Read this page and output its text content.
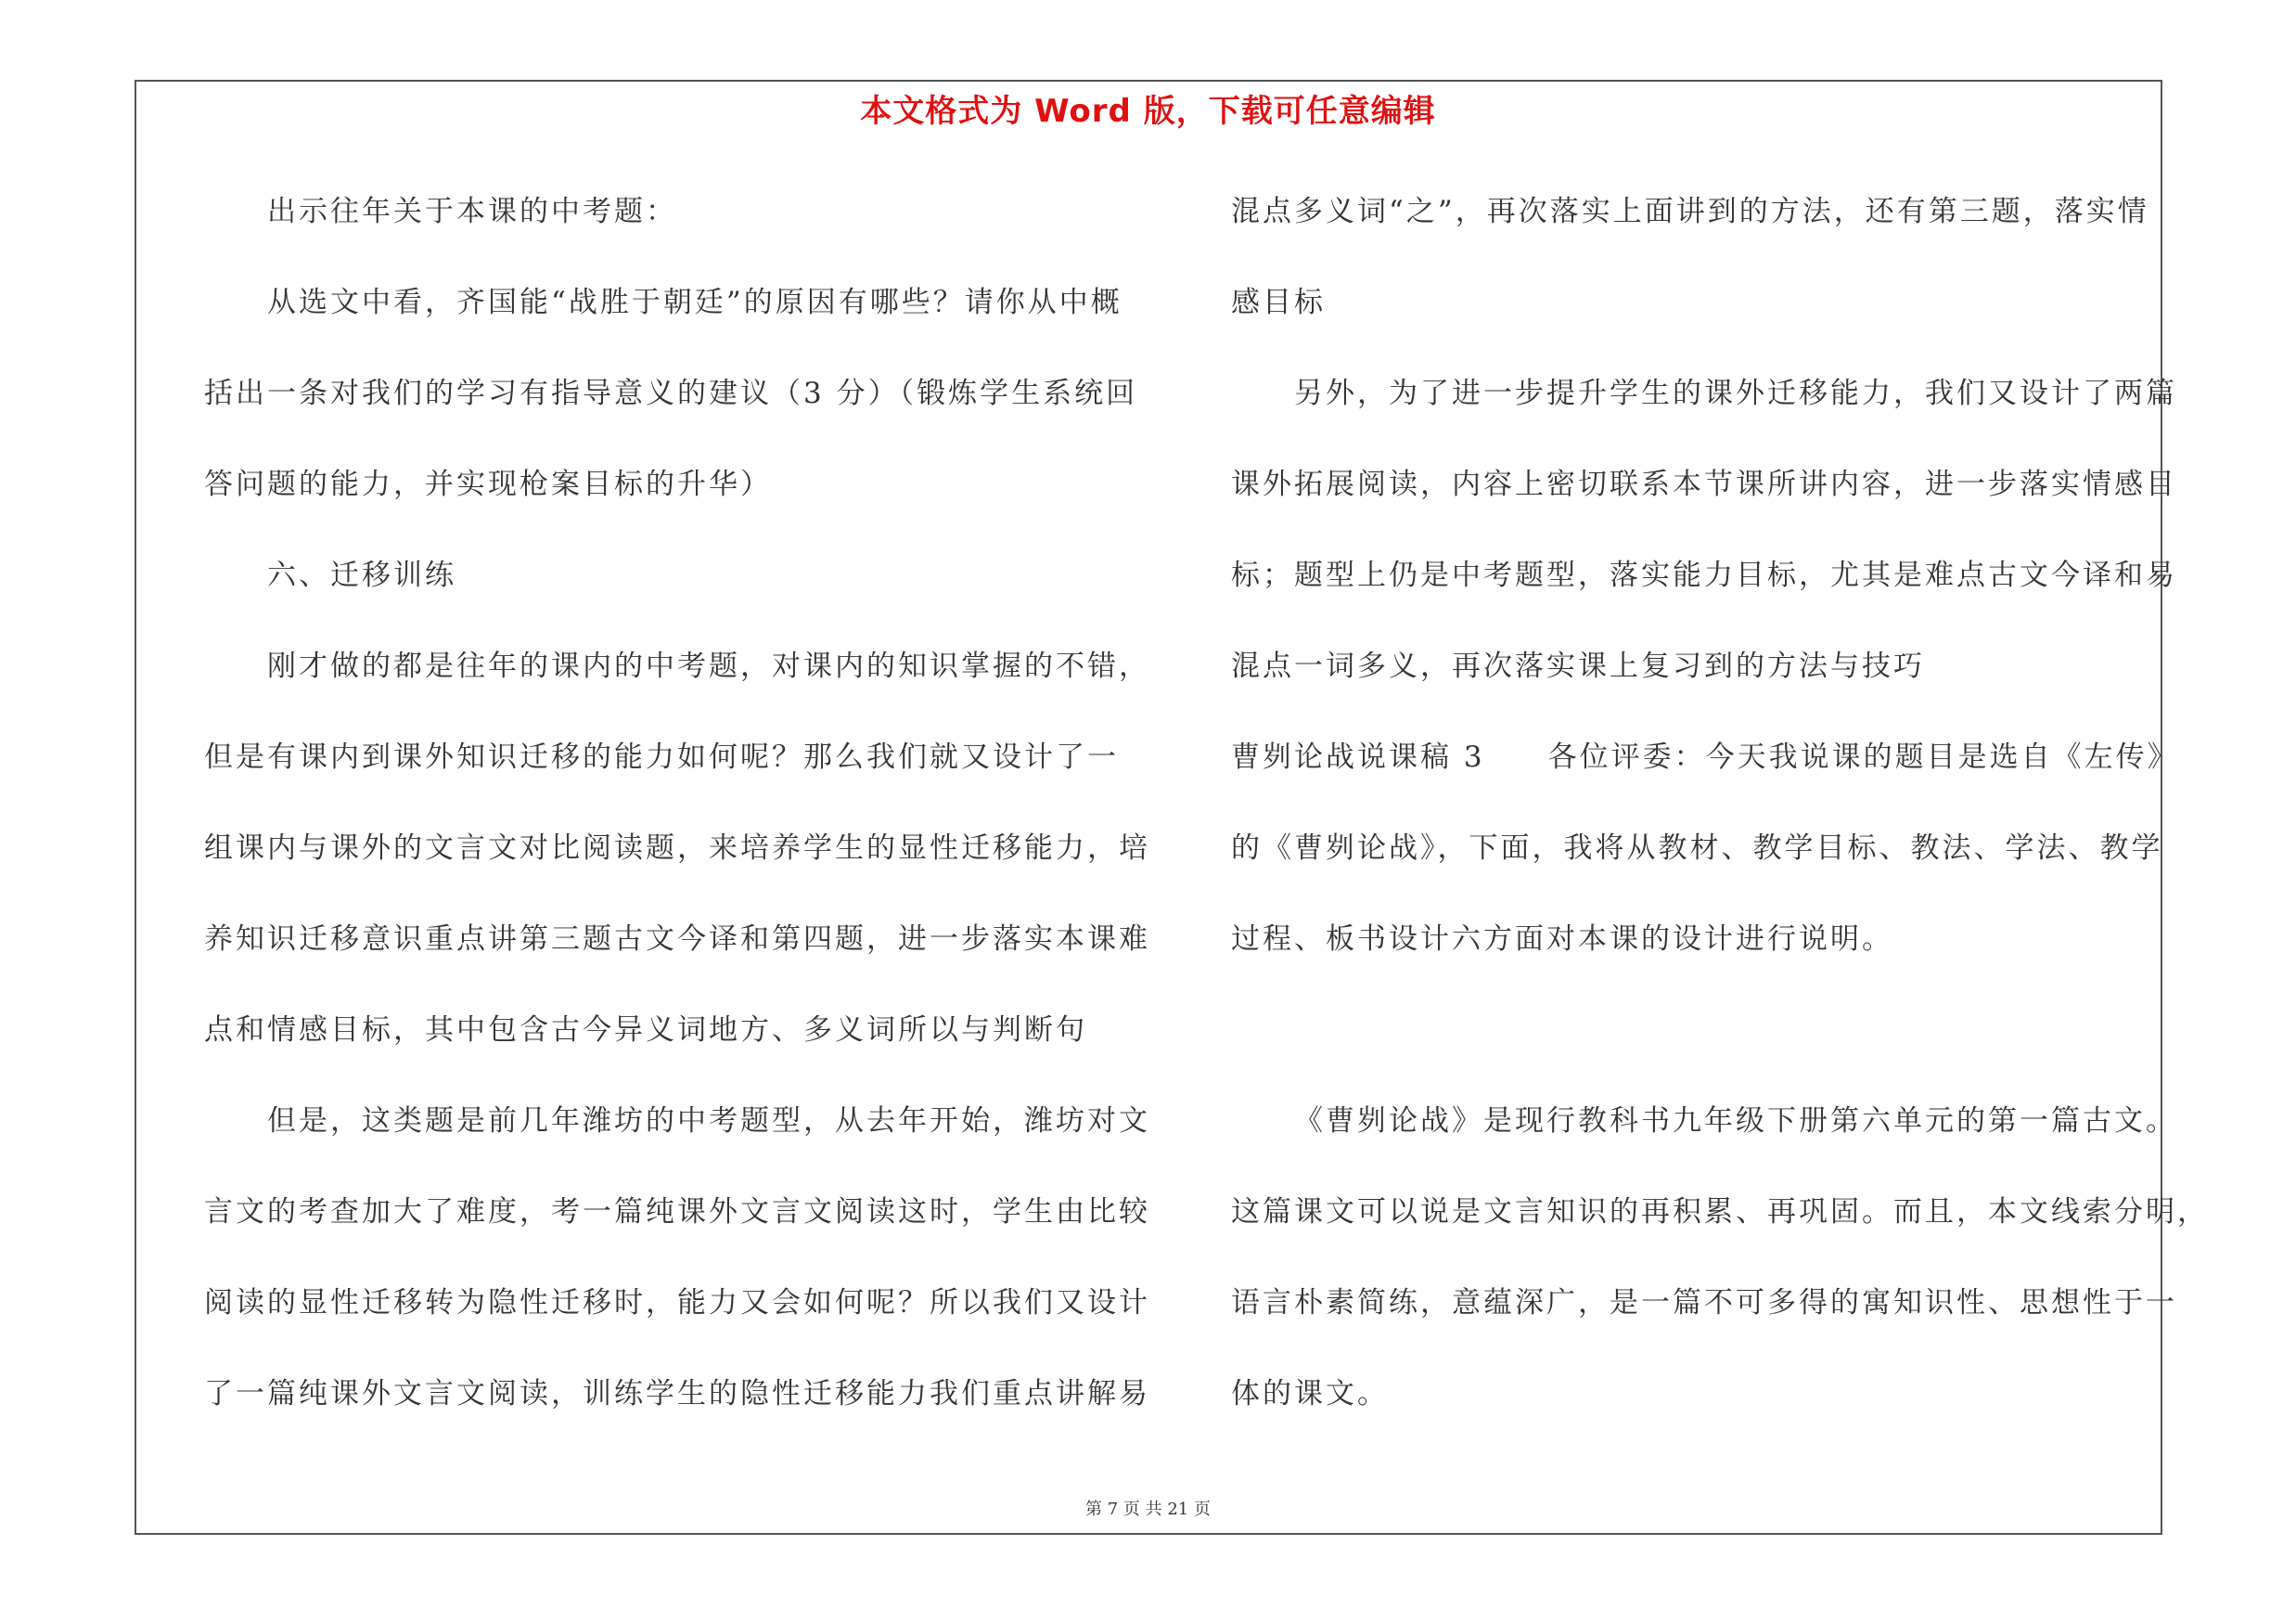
本文格式为 Word 版，下载可任意编辑

出示往年关于本课的中考题：
从选文中看，齐国能“战胜于朝廷”的原因有哪些？请你从中概
括出一条对我们的学习有指导意义的建议（3 分）（锻炼学生系统回
答问题的能力，并实现枪案目标的升华）
六、迁移训练
刚才做的都是往年的课内的中考题，对课内的知识掌握的不错，
但是有课内到课外知识迁移的能力如何呢？那么我们就又设计了一
组课内与课外的文言文对比阅读题，来培养学生的显性迁移能力，培
养知识迁移意识重点讲第三题古文今译和第四题，进一步落实本课难
点和情感目标，其中包含古今异义词地方、多义词所以与判断句
但是，这类题是前几年潍坊的中考题型，从去年开始，潍坊对文
言文的考查加大了难度，考一篇纯课外文言文阅读这时，学生由比较
阅读的显性迁移转为隐性迁移时，能力又会如何呢？所以我们又设计
了一篇纯课外文言文阅读，训练学生的隐性迁移能力我们重点讲解易
混点多义词“之”，再次落实上面讲到的方法，还有第三题，落实情
感目标
另外，为了进一步提升学生的课外迁移能力，我们又设计了两篇
课外拓展阅读，内容上密切联系本节课所讲内容，进一步落实情感目
标；题型上仍是中考题型，落实能力目标，尤其是难点古文今译和易
混点一词多义，再次落实课上复习到的方法与技巧
曹刿论战说课稿 3　　各位评委：今天我说课的题目是选自《左传》
的《曹刿论战》，下面，我将从教材、教学目标、教法、学法、教学
过程、板书设计六方面对本课的设计进行说明。
《曹刿论战》是现行教科书九年级下册第六单元的第一篇古文。
这篇课文可以说是文言知识的再积累、再巩固。而且，本文线索分明，
语言朴素简练，意蕴深广，是一篇不可多得的寓知识性、思想性于一
体的课文。

第 7 页 共 21 页
